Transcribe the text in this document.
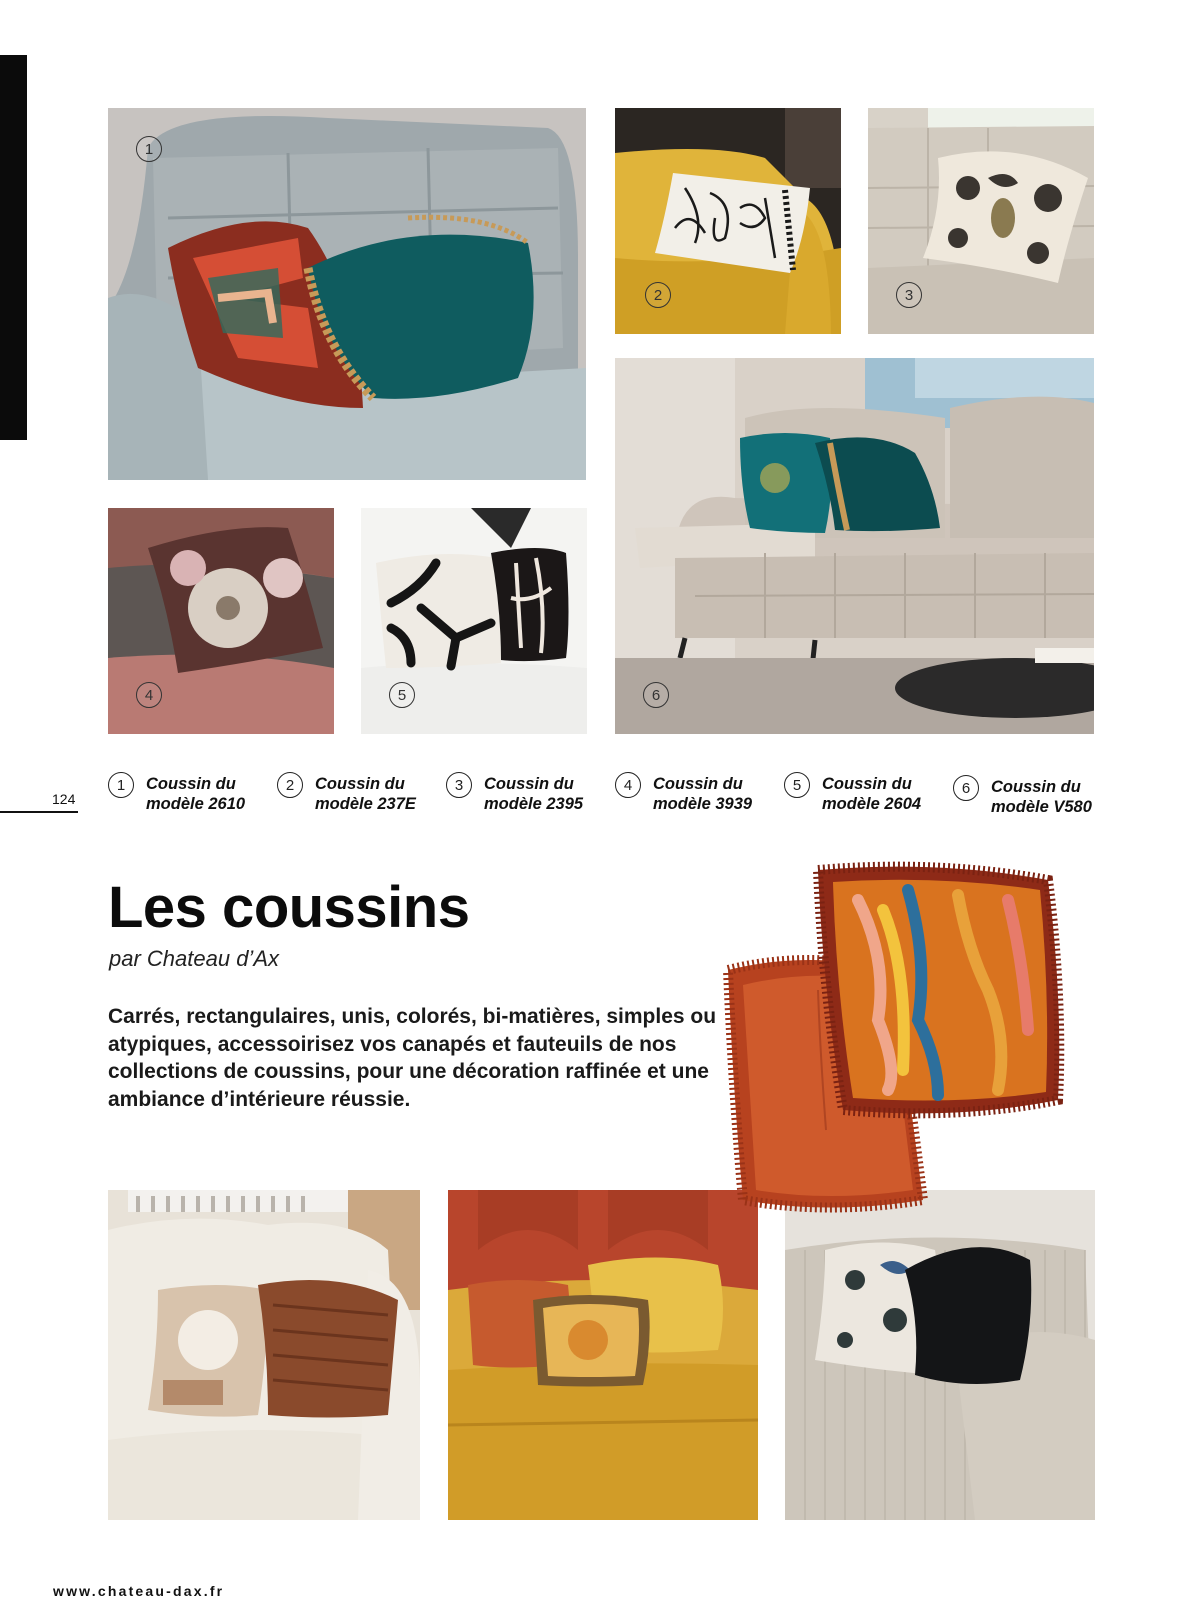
1
2	3
4	5	6
124
1	Coussin du modèle 2610
2	Coussin du modèle 237E
3	Coussin du modèle 2395
4	Coussin du modèle 3939
5	Coussin du modèle 2604
6	Coussin du modèle V580
Les coussins
par Chateau d’Ax
Carrés, rectangulaires, unis, colorés, bi-matières, simples ou atypiques, accessoirisez vos canapés et fauteuils de nos collections de coussins, pour une décoration raffinée et une ambiance d’intérieure réussie.
www.chateau-dax.fr
